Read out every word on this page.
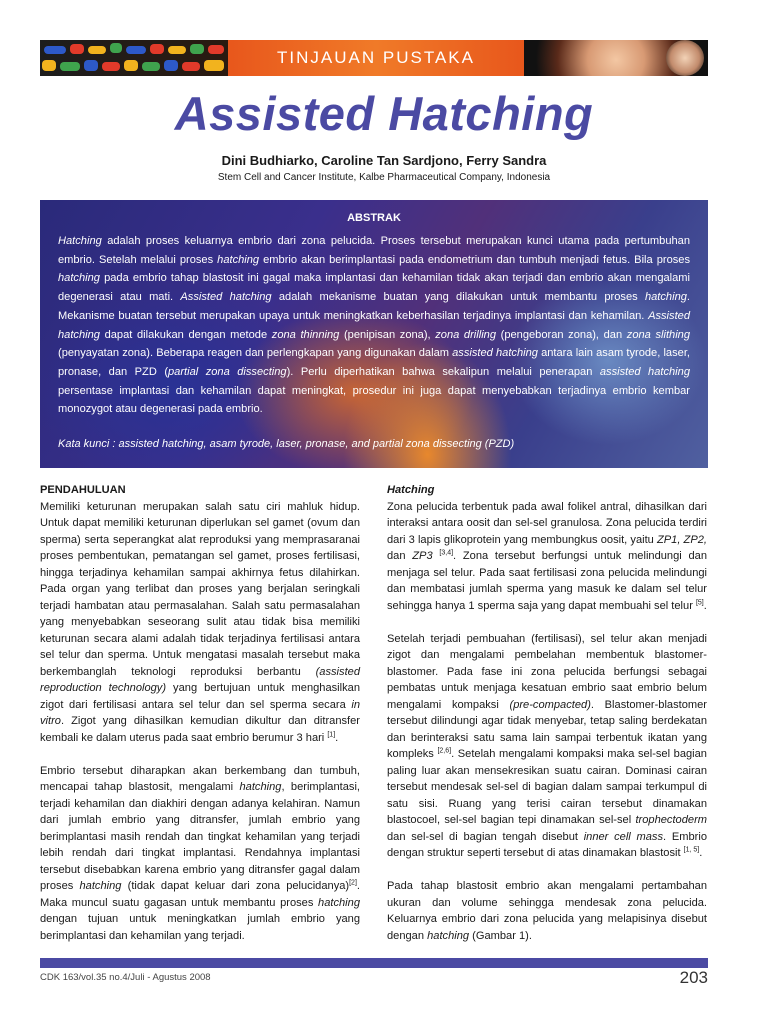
TINJAUAN PUSTAKA
Assisted Hatching
Dini Budhiarko, Caroline Tan Sardjono, Ferry Sandra
Stem Cell and Cancer Institute, Kalbe Pharmaceutical Company, Indonesia
ABSTRAK

Hatching adalah proses keluarnya embrio dari zona pelucida. Proses tersebut merupakan kunci utama pada pertumbuhan embrio. Setelah melalui proses hatching embrio akan berimplantasi pada endometrium dan tumbuh menjadi fetus. Bila proses hatching pada embrio tahap blastosit ini gagal maka implantasi dan kehamilan tidak akan terjadi dan embrio akan mengalami degenerasi atau mati. Assisted hatching adalah mekanisme buatan yang dilakukan untuk membantu proses hatching. Mekanisme buatan tersebut merupakan upaya untuk meningkatkan keberhasilan terjadinya implantasi dan kehamilan. Assisted hatching dapat dilakukan dengan metode zona thinning (penipisan zona), zona drilling (pengeboran zona), dan zona slithing (penyayatan zona). Beberapa reagen dan perlengkapan yang digunakan dalam assisted hatching antara lain asam tyrode, laser, pronase, dan PZD (partial zona dissecting). Perlu diperhatikan bahwa sekalipun melalui penerapan assisted hatching persentase implantasi dan kehamilan dapat meningkat, prosedur ini juga dapat menyebabkan terjadinya embrio kembar monozygot atau degenerasi pada embrio.

Kata kunci : assisted hatching, asam tyrode, laser, pronase, and partial zona dissecting (PZD)
PENDAHULUAN

Memiliki keturunan merupakan salah satu ciri mahluk hidup. Untuk dapat memiliki keturunan diperlukan sel gamet (ovum dan sperma) serta seperangkat alat reproduksi yang memprasaranai proses pembentukan, pematangan sel gamet, proses fertilisasi, hingga terjadinya kehamilan sampai akhirnya fetus dilahirkan. Pada organ yang terlibat dan proses yang berjalan seringkali terjadi hambatan atau permasalahan. Salah satu permasalahan yang menyebabkan seseorang sulit atau tidak bisa memiliki keturunan secara alami adalah tidak terjadinya fertilisasi antara sel telur dan sperma. Untuk mengatasi masalah tersebut maka berkembanglah teknologi reproduksi berbantu (assisted reproduction technology) yang bertujuan untuk menghasilkan zigot dari fertilisasi antara sel telur dan sel sperma secara in vitro. Zigot yang dihasilkan kemudian dikultur dan ditransfer kembali ke dalam uterus pada saat embrio berumur 3 hari [1].

Embrio tersebut diharapkan akan berkembang dan tumbuh, mencapai tahap blastosit, mengalami hatching, berimplantasi, terjadi kehamilan dan diakhiri dengan adanya kelahiran. Namun dari jumlah embrio yang ditransfer, jumlah embrio yang berimplantasi masih rendah dan tingkat kehamilan yang terjadi lebih rendah dari tingkat implantasi. Rendahnya implantasi tersebut disebabkan karena embrio yang ditransfer gagal dalam proses hatching (tidak dapat keluar dari zona pelucidanya)[2]. Maka muncul suatu gagasan untuk membantu proses hatching dengan tujuan untuk meningkatkan jumlah embrio yang berimplantasi dan kehamilan yang terjadi.

Hatching

Zona pelucida terbentuk pada awal folikel antral, dihasilkan dari interaksi antara oosit dan sel-sel granulosa. Zona pelucida terdiri dari 3 lapis glikoprotein yang membungkus oosit, yaitu ZP1, ZP2, dan ZP3 [3,4]. Zona tersebut berfungsi untuk melindungi dan menjaga sel telur. Pada saat fertilisasi zona pelucida melindungi dan membatasi jumlah sperma yang masuk ke dalam sel telur sehingga hanya 1 sperma saja yang dapat membuahi sel telur [5].

Setelah terjadi pembuahan (fertilisasi), sel telur akan menjadi zigot dan mengalami pembelahan membentuk blastomer-blastomer. Pada fase ini zona pelucida berfungsi sebagai pembatas untuk menjaga kesatuan embrio saat embrio belum mengalami kompaksi (pre-compacted). Blastomer-blastomer tersebut dilindungi agar tidak menyebar, tetap saling berdekatan dan berinteraksi satu sama lain sampai terbentuk ikatan yang kompleks [2,6]. Setelah mengalami kompaksi maka sel-sel bagian paling luar akan mensekresikan suatu cairan. Dominasi cairan tersebut mendesak sel-sel di bagian dalam sampai terkumpul di satu sisi. Ruang yang terisi cairan tersebut dinamakan blastocoel, sel-sel bagian tepi dinamakan sel-sel trophectoderm dan sel-sel di bagian tengah disebut inner cell mass. Embrio dengan struktur seperti tersebut di atas dinamakan blastosit [1, 5].

Pada tahap blastosit embrio akan mengalami pertambahan ukuran dan volume sehingga mendesak zona pelucida. Keluarnya embrio dari zona pelucida yang melapisinya disebut dengan hatching (Gambar 1).

CDK 163/vol.35 no.4/Juli - Agustus 2008	203
